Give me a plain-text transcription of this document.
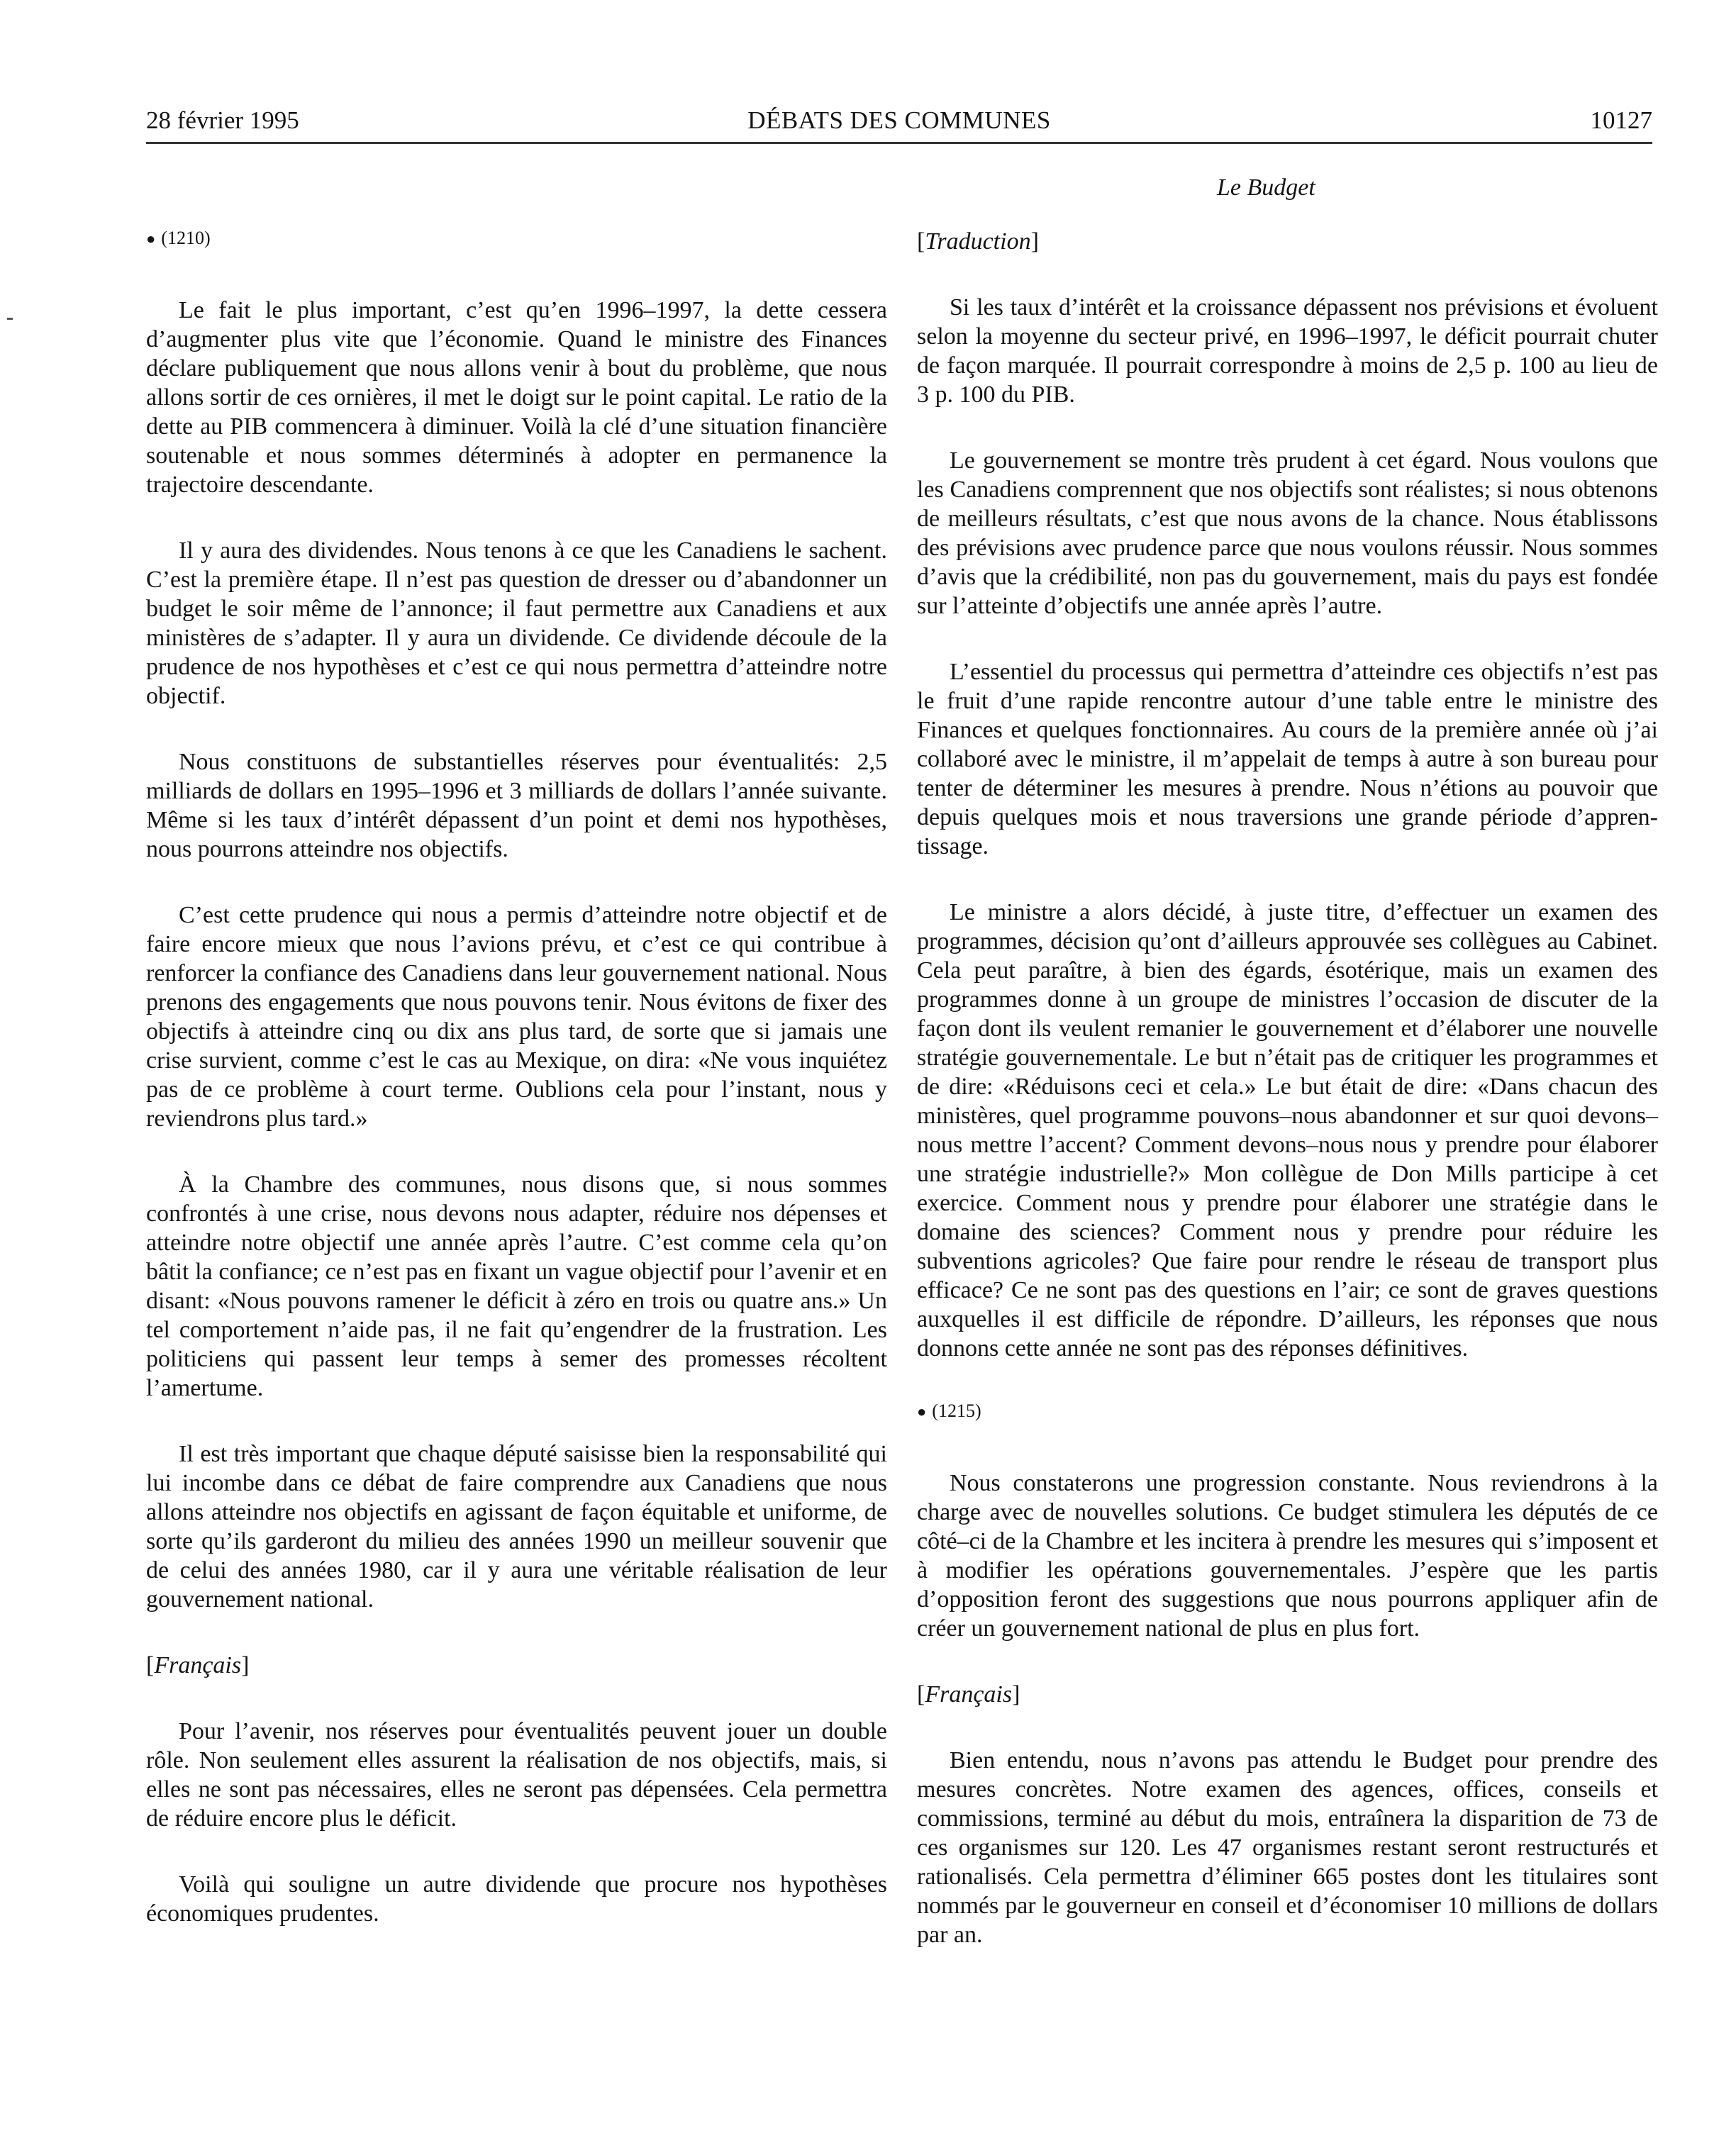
28 février 1995	DÉBATS DES COMMUNES	10127
Le Budget
● (1210)

Le fait le plus important, c’est qu’en 1996–1997, la dette cessera d’augmenter plus vite que l’économie. Quand le ministre des Finances déclare publiquement que nous allons venir à bout du problème, que nous allons sortir de ces ornières, il met le doigt sur le point capital. Le ratio de la dette au PIB commencera à diminuer. Voilà la clé d’une situation financière soutenable et nous sommes déterminés à adopter en permanence la trajectoire descendante.

Il y aura des dividendes. Nous tenons à ce que les Canadiens le sachent. C’est la première étape. Il n’est pas question de dresser ou d’abandonner un budget le soir même de l’annonce; il faut permettre aux Canadiens et aux ministères de s’adapter. Il y aura un dividende. Ce dividende découle de la prudence de nos hypothèses et c’est ce qui nous permettra d’atteindre notre objectif.

Nous constituons de substantielles réserves pour éventualités: 2,5 milliards de dollars en 1995–1996 et 3 milliards de dollars l’année suivante. Même si les taux d’intérêt dépassent d’un point et demi nos hypothèses, nous pourrons atteindre nos objectifs.

C’est cette prudence qui nous a permis d’atteindre notre objectif et de faire encore mieux que nous l’avions prévu, et c’est ce qui contribue à renforcer la confiance des Canadiens dans leur gouvernement national. Nous prenons des engagements que nous pouvons tenir. Nous évitons de fixer des objectifs à atteindre cinq ou dix ans plus tard, de sorte que si jamais une crise survient, comme c’est le cas au Mexique, on dira: «Ne vous inquiétez pas de ce problème à court terme. Oublions cela pour l’instant, nous y reviendrons plus tard.»

À la Chambre des communes, nous disons que, si nous sommes confrontés à une crise, nous devons nous adapter, réduire nos dépenses et atteindre notre objectif une année après l’autre. C’est comme cela qu’on bâtit la confiance; ce n’est pas en fixant un vague objectif pour l’avenir et en disant: «Nous pouvons ramener le déficit à zéro en trois ou quatre ans.» Un tel comportement n’aide pas, il ne fait qu’engendrer de la frustration. Les politiciens qui passent leur temps à semer des promesses récoltent l’amertume.

Il est très important que chaque député saisisse bien la responsabilité qui lui incombe dans ce débat de faire comprendre aux Canadiens que nous allons atteindre nos objectifs en agissant de façon équitable et uniforme, de sorte qu’ils garderont du milieu des années 1990 un meilleur souvenir que de celui des années 1980, car il y aura une véritable réalisation de leur gouvernement national.

[Français]

Pour l’avenir, nos réserves pour éventualités peuvent jouer un double rôle. Non seulement elles assurent la réalisation de nos objectifs, mais, si elles ne sont pas nécessaires, elles ne seront pas dépensées. Cela permettra de réduire encore plus le déficit.

Voilà qui souligne un autre dividende que procure nos hypothèses économiques prudentes.

[Traduction]

Si les taux d’intérêt et la croissance dépassent nos prévisions et évoluent selon la moyenne du secteur privé, en 1996–1997, le déficit pourrait chuter de façon marquée. Il pourrait correspondre à moins de 2,5 p. 100 au lieu de 3 p. 100 du PIB.

Le gouvernement se montre très prudent à cet égard. Nous voulons que les Canadiens comprennent que nos objectifs sont réalistes; si nous obtenons de meilleurs résultats, c’est que nous avons de la chance. Nous établissons des prévisions avec prudence parce que nous voulons réussir. Nous sommes d’avis que la crédibilité, non pas du gouvernement, mais du pays est fondée sur l’atteinte d’objectifs une année après l’autre.

L’essentiel du processus qui permettra d’atteindre ces objectifs n’est pas le fruit d’une rapide rencontre autour d’une table entre le ministre des Finances et quelques fonctionnaires. Au cours de la première année où j’ai collaboré avec le ministre, il m’appelait de temps à autre à son bureau pour tenter de déterminer les mesures à prendre. Nous n’étions au pouvoir que depuis quelques mois et nous traversions une grande période d’apprentissage.

Le ministre a alors décidé, à juste titre, d’effectuer un examen des programmes, décision qu’ont d’ailleurs approuvée ses collègues au Cabinet. Cela peut paraître, à bien des égards, ésotérique, mais un examen des programmes donne à un groupe de ministres l’occasion de discuter de la façon dont ils veulent remanier le gouvernement et d’élaborer une nouvelle stratégie gouvernementale. Le but n’était pas de critiquer les programmes et de dire: «Réduisons ceci et cela.» Le but était de dire: «Dans chacun des ministères, quel programme pouvons–nous abandonner et sur quoi devons–nous mettre l’accent? Comment devons–nous nous y prendre pour élaborer une stratégie industrielle?» Mon collègue de Don Mills participe à cet exercice. Comment nous y prendre pour élaborer une stratégie dans le domaine des sciences? Comment nous y prendre pour réduire les subventions agricoles? Que faire pour rendre le réseau de transport plus efficace? Ce ne sont pas des questions en l’air; ce sont de graves questions auxquelles il est difficile de répondre. D’ailleurs, les réponses que nous donnons cette année ne sont pas des réponses définitives.

● (1215)

Nous constaterons une progression constante. Nous reviendrons à la charge avec de nouvelles solutions. Ce budget stimulera les députés de ce côté–ci de la Chambre et les incitera à prendre les mesures qui s’imposent et à modifier les opérations gouvernementales. J’espère que les partis d’opposition feront des suggestions que nous pourrons appliquer afin de créer un gouvernement national de plus en plus fort.

[Français]

Bien entendu, nous n’avons pas attendu le Budget pour prendre des mesures concrètes. Notre examen des agences, offices, conseils et commissions, terminé au début du mois, entraînera la disparition de 73 de ces organismes sur 120. Les 47 organismes restant seront restructurés et rationalisés. Cela permettra d’éliminer 665 postes dont les titulaires sont nommés par le gouverneur en conseil et d’économiser 10 millions de dollars par an.
